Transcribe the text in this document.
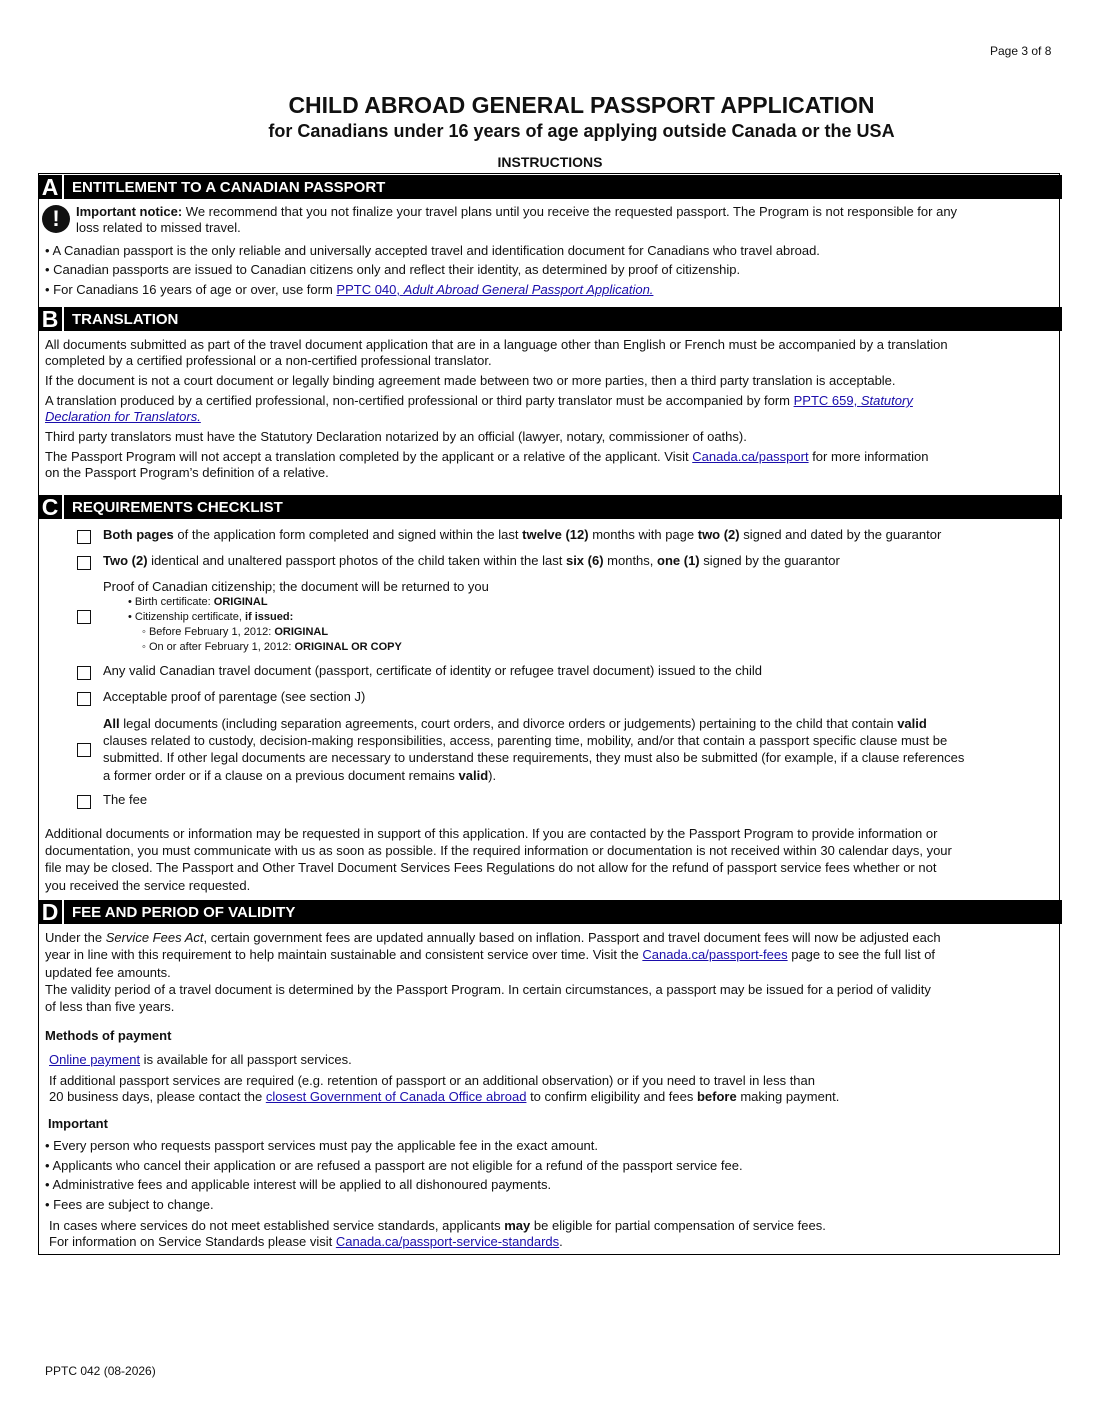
Page 3 of 8
CHILD ABROAD GENERAL PASSPORT APPLICATION
for Canadians under 16 years of age applying outside Canada or the USA
INSTRUCTIONS
A ENTITLEMENT TO A CANADIAN PASSPORT
!	Important notice: We recommend that you not finalize your travel plans until you receive the requested passport. The Program is not responsible for any
loss related to missed travel.
• A Canadian passport is the only reliable and universally accepted travel and identification document for Canadians who travel abroad.
• Canadian passports are issued to Canadian citizens only and reflect their identity, as determined by proof of citizenship.
• For Canadians 16 years of age or over, use form PPTC 040, Adult Abroad General Passport Application.
B TRANSLATION
All documents submitted as part of the travel document application that are in a language other than English or French must be accompanied by a translation
completed by a certified professional or a non-certified professional translator.
If the document is not a court document or legally binding agreement made between two or more parties, then a third party translation is acceptable.
A translation produced by a certified professional, non-certified professional or third party translator must be accompanied by form PPTC 659, Statutory
Declaration for Translators.
Third party translators must have the Statutory Declaration notarized by an official (lawyer, notary, commissioner of oaths).
The Passport Program will not accept a translation completed by the applicant or a relative of the applicant. Visit Canada.ca/passport for more information
on the Passport Program’s definition of a relative.
C REQUIREMENTS CHECKLIST
Both pages of the application form completed and signed within the last twelve (12) months with page two (2) signed and dated by the guarantor
Two (2) identical and unaltered passport photos of the child taken within the last six (6) months, one (1) signed by the guarantor
Proof of Canadian citizenship; the document will be returned to you
• Birth certificate: ORIGINAL
• Citizenship certificate, if issued:
◦ Before February 1, 2012: ORIGINAL
◦ On or after February 1, 2012: ORIGINAL OR COPY
Any valid Canadian travel document (passport, certificate of identity or refugee travel document) issued to the child
Acceptable proof of parentage (see section J)
All legal documents (including separation agreements, court orders, and divorce orders or judgements) pertaining to the child that contain valid
clauses related to custody, decision-making responsibilities, access, parenting time, mobility, and/or that contain a passport specific clause must be
submitted. If other legal documents are necessary to understand these requirements, they must also be submitted (for example, if a clause references
a former order or if a clause on a previous document remains valid).
The fee
Additional documents or information may be requested in support of this application. If you are contacted by the Passport Program to provide information or
documentation, you must communicate with us as soon as possible. If the required information or documentation is not received within 30 calendar days, your
file may be closed. The Passport and Other Travel Document Services Fees Regulations do not allow for the refund of passport service fees whether or not
you received the service requested.
D FEE AND PERIOD OF VALIDITY
Under the Service Fees Act, certain government fees are updated annually based on inflation. Passport and travel document fees will now be adjusted each
year in line with this requirement to help maintain sustainable and consistent service over time. Visit the Canada.ca/passport-fees page to see the full list of
updated fee amounts.
The validity period of a travel document is determined by the Passport Program. In certain circumstances, a passport may be issued for a period of validity
of less than five years.
Methods of payment
Online payment is available for all passport services.
If additional passport services are required (e.g. retention of passport or an additional observation) or if you need to travel in less than
20 business days, please contact the closest Government of Canada Office abroad to confirm eligibility and fees before making payment.
Important
• Every person who requests passport services must pay the applicable fee in the exact amount.
• Applicants who cancel their application or are refused a passport are not eligible for a refund of the passport service fee.
• Administrative fees and applicable interest will be applied to all dishonoured payments.
• Fees are subject to change.
In cases where services do not meet established service standards, applicants may be eligible for partial compensation of service fees.
For information on Service Standards please visit Canada.ca/passport-service-standards.
PPTC 042 (08-2026)
